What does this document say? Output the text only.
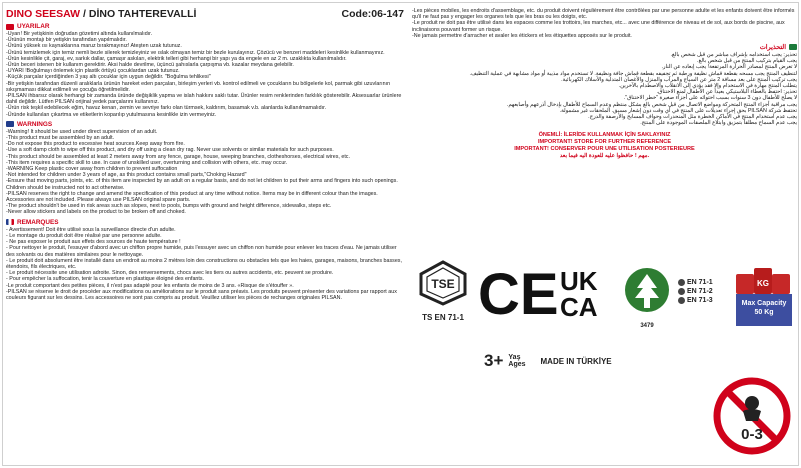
DINO SEESAW / DİNO TAHTEREVALLİ	Code:06-147
UYARILAR

-Uyarı! Bir yetişkinin doğrudan gözetimi altında kullanılmalıdır.

-Ürünün montajı bir yetişkin tarafından yapılmalıdır.

-Ürünü yüksek ısı kaynaklarına maruz bırakmayınız! Ateşten uzak tutunuz.

-Ürünü temizlemek için temiz nemli bezle silerek temizleyiniz ve ıslak olmayan temiz bir bezle kurulayınız. Çözücü ve benzeri maddeleri kesinlikle kullanmayınız.

-Ürün kesinlikle çit, garaj, ev, sarkık dallar, çamaşır askıları, elektrik telleri gibi herhangi bir yapı ya da engele en az 2 m. uzaklıkta kullanılmalıdır.

-Ürün beceri istenen bir kullanım gerektirir. Aksi halde devrilme, üçüncü şahıslarla çarpışma vb. kazalar meydana gelebilir.

-UYARI !Boğulmayı önlemek için plastik örtüyü çocuklardan uzak tutunuz.

-Küçük parçalar içerdiğinden 3 yaş altı çocuklar için uygun değildir. "Boğulma tehlikesi"

-Bir yetişkin tarafından düzenli aralıklarla ürünün hareket eden parçaları, birleşim yerleri vb. kontrol edilmeli ve çocukların bu bölgelerle kol, parmak gibi uzuvlarının sıkışmaması dikkat edilmeli ve çocuğa öğretilmelidir.

-PILSAN ihbarsız olarak herhangi bir zamanda üründe değişiklik yapma ve islah hakkını saklı tutar. Ürünler resim renklerinden farklılık gösterebilir. Aksesuarlar ürünlere dahil değildir. Lütfen PILSAN orijinal yedek parçalarını kullanınız.

-Ürün risk teşkil edebilecek eğim, havuz kenarı, zemin ve sevriye farkı olan türmsek, kaldırım, basamak v.b. alanlarda kullanılmamalıdır.

-Üründe kullanılan çıkartma ve etiketlerin koparılıp yutulmasına kesinlikle izin vermeyiniz.

WARNINGS

-Warning! It should be used under direct supervision of an adult.

-This product must be assembled by an adult.

-Do not expose this product to excessive heat sources.Keep away from fire.

-Use a soft damp cloth to wipe off this product, and dry off using a clean dry rag. Never use solvents or similar materials for such purposes.

-This product should be assembled at least 2 meters away from any fence, garage, house, weeping branches, clotheshorses, electrical wires, etc.

-This item requires a specific skill to use. In case of unskilled user, overturning and collision with others, etc. may occur.

-WARNING Keep plastic cover away from children to prevent suffocation

-Not intended for children under 3 years of age, as this product contains small parts,"Choking Hazard"

-Ensure that moving parts, joints, etc. of this item are inspected by an adult on a regular basis, and do not let children to put their arms and fingers into such openings. Children should be instructed not to act otherwise.

-PILSAN reserves the right to change and amend the specification of this product at any time without notice. Items may be in different colour than the images. Accessories are not included. Please always use PILSAN original spare parts.

-The product shouldn't be used in risk areas such as slopes, next to pools, bumps with ground and height difference, sidewalks, steps etc.

-Never allow stickers and labels on the product to be broken off and choked.

REMARQUES

- Avertissement! Doit être utilisé sous la surveillance directe d'un adulte.

- Le montage du produit doit être réalisé par une personne adulte.

- Ne pas exposer le produit aux effets des sources de haute température !

- Pour nettoyer le produit, l'essuyer d'abord avec un chiffon propre humide, puis l'essuyer avec un chiffon non humide pour enlever les traces d'eau. Ne jamais utiliser des solvants ou des matières similaires pour le nettoyage.

- Le produit doit absolument être installé dans un endroit au moins 2 mètres loin des constructions ou obstacles tels que les haies, garages, maisons, branches basses, étendoirs, fils électriques, etc.

- Le produit nécessite une utilisation adroite. Sinon, des renversements, chocs avec les tiers ou autres accidents, etc. peuvent se produire.

- Pour empêcher la suffocation, tenir la couverture en plastique éloigné des enfants.

-Le produit comportant des petites pièces, il n'est pas adapté pour les enfants de moins de 3 ans. «Risque de s'étouffer ».

-PILSAN se réserve le droit de procéder aux modifications ou améliorations sur le produit sans préavis. Les produits peuvent présenter des variations par rapport aux couleurs figurant sur les dessins. Les accessoires ne sont pas compris au produit. Veuillez utiliser les pièces de rechanges originales PILSAN.

-Les pièces mobiles, les endroits d'assemblage, etc. du produit doivent régulièrement être contrôlées par une personne adulte et les enfants doivent être informés qu'il ne faut pas y engager les organes tels que les bras ou les doigts, etc.

-Le produit ne doit pas être utilisé dans les espaces comme les trottoirs, les marches, etc... avec une différence de niveau et de sol, aux bords de piscine, aux inclinaisons pouvant former un risque.

-Ne jamais permettre d'arracher et avaler les étickers et les étiquettes apposés sur le produit.

التحذيرات

تحذير: يجب استخدامه بإشراف مباشر من قبل شخص بالغ.

يجب القيام بتركيب المنتج من قبل شخص بالغ.

لا تعرض المنتج لمصادر الحرارة المرتفعة! يجب إبعاده عن النار.

لتنظيف المنتج يجب مسحه بقطعة قماش نظيفة ورطبة ثم تجفيفه بقطعة قماش جافة ونظيفة. لا تستخدم مواد مذيبة أو مواد مشابهة في عملية التنظيف.

يجب تركيب المنتج على بعد مسافة 2 متر عن السياج والمرآب والمنزل والأغصان المتدلية والأسلاك الكهربائية.

يتطلب المنتج مهارة في الاستخدام وإلا فقد يؤدي إلى الانقلاب والاصطدام بالآخرين.

تحذير: احتفظ بالغطاء البلاستيكي بعيداً عن الأطفال لمنع الاختناق.

لا يصلح للأطفال دون 3 سنوات بسبب احتوائه على أجزاء صغيرة "خطر الاختناق".

يجب مراقبة أجزاء المنتج المتحركة ومواضع الاتصال من قبل شخص بالغ بشكل منتظم وعدم السماح للأطفال بإدخال أذرعهم وأصابعهم.

تحتفظ شركة PILSAN بحق إجراء تعديلات على المنتج في أي وقت دون إشعار مسبق. الملحقات غير مشمولة.

يجب عدم استخدام المنتج في الأماكن الخطرة مثل المنحدرات وحواف المسابح والأرصفة والدرج.

يجب عدم السماح مطلقاً بتمزيق وابتلاع الملصقات الموجودة على المنتج.

ÖNEMLİ: İLERİDE KULLANMAK İÇİN SAKLAYINIZ
IMPORTANT! STORE FOR FURTHER REFERENCE
IMPORTANT! CONSERVER POUR UNE UTILISATION POSTERIEURE
مهم ! حافظوا عليه للعودة اليه فيما بعد.
TSE
TS EN 71-1 CE UK
CA
3479
EN 71-1
EN 71-2
EN 71-3
KG
Max Capacity
50 Kg
3+ Yaş
Ages MADE IN TÜRKİYE
0-3
